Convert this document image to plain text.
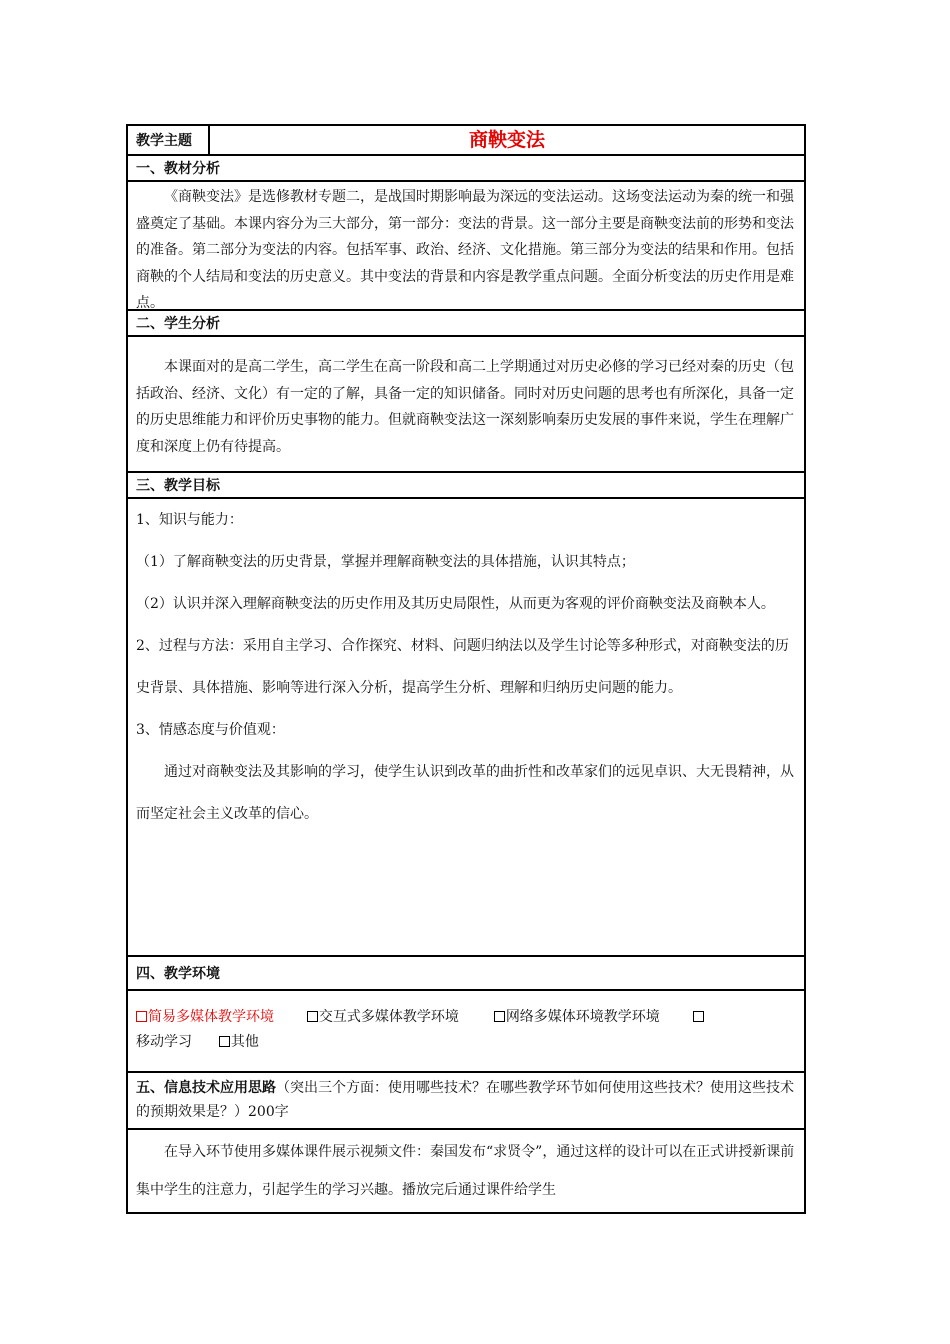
教学主题	商鞅变法
一、教材分析

《商鞅变法》是选修教材专题二，是战国时期影响最为深远的变法运动。这场变法运动为秦的统一和强盛奠定了基础。本课内容分为三大部分，第一部分：变法的背景。这一部分主要是商鞅变法前的形势和变法的准备。第二部分为变法的内容。包括军事、政治、经济、文化措施。第三部分为变法的结果和作用。包括商鞅的个人结局和变法的历史意义。其中变法的背景和内容是教学重点问题。全面分析变法的历史作用是难点。

二、学生分析

本课面对的是高二学生，高二学生在高一阶段和高二上学期通过对历史必修的学习已经对秦的历史（包括政治、经济、文化）有一定的了解，具备一定的知识储备。同时对历史问题的思考也有所深化，具备一定的历史思维能力和评价历史事物的能力。但就商鞅变法这一深刻影响秦历史发展的事件来说，学生在理解广度和深度上仍有待提高。

三、教学目标

1、知识与能力：

（1）了解商鞅变法的历史背景，掌握并理解商鞅变法的具体措施，认识其特点；

（2）认识并深入理解商鞅变法的历史作用及其历史局限性，从而更为客观的评价商鞅变法及商鞅本人。

2、过程与方法：采用自主学习、合作探究、材料、问题归纳法以及学生讨论等多种形式，对商鞅变法的历史背景、具体措施、影响等进行深入分析，提高学生分析、理解和归纳历史问题的能力。

3、情感态度与价值观：

通过对商鞅变法及其影响的学习，使学生认识到改革的曲折性和改革家们的远见卓识、大无畏精神，从而坚定社会主义改革的信心。

四、教学环境
简易多媒体教学环境	交互式多媒体教学环境	网络多媒体环境教学环境
移动学习	其他
五、信息技术应用思路（突出三个方面：使用哪些技术？在哪些教学环节如何使用这些技术？使用这些技术的预期效果是？）200字

在导入环节使用多媒体课件展示视频文件：秦国发布“求贤令”，通过这样的设计可以在正式讲授新课前集中学生的注意力，引起学生的学习兴趣。播放完后通过课件给学生
